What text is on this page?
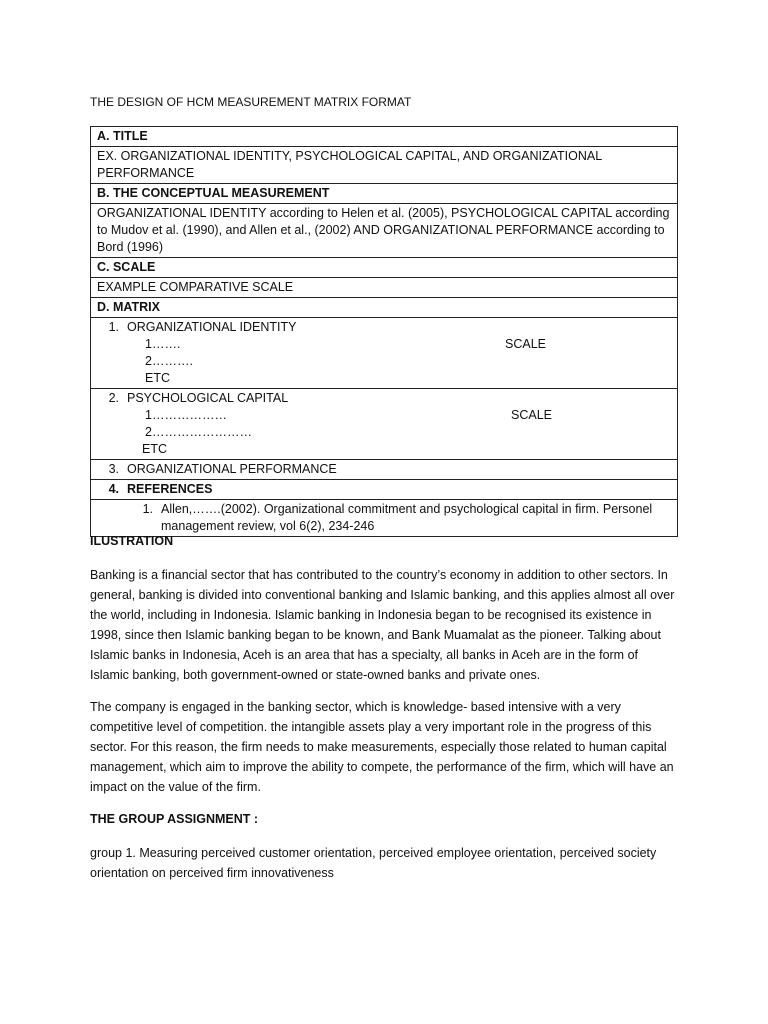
THE DESIGN OF HCM MEASUREMENT MATRIX FORMAT
A. TITLE
EX. ORGANIZATIONAL IDENTITY, PSYCHOLOGICAL CAPITAL, AND ORGANIZATIONAL PERFORMANCE
B. THE CONCEPTUAL MEASUREMENT
ORGANIZATIONAL IDENTITY according to Helen et al. (2005), PSYCHOLOGICAL CAPITAL according to Mudov et al. (1990), and Allen et al., (2002) AND ORGANIZATIONAL PERFORMANCE according to Bord (1996)
C. SCALE
EXAMPLE COMPARATIVE SCALE
D. MATRIX

1. ORGANIZATIONAL IDENTITY
1…….	SCALE
2……….
ETC

2. PSYCHOLOGICAL CAPITAL
1………………	SCALE
2……………………
ETC

3. ORGANIZATIONAL PERFORMANCE

4. REFERENCES

1. Allen,…….(2002). Organizational commitment and psychological capital in firm. Personel management review, vol 6(2), 234-246
ILUSTRATION
Banking is a financial sector that has contributed to the country’s economy in addition to other sectors. In general, banking is divided into conventional banking and Islamic banking, and this applies almost all over the world, including in Indonesia. Islamic banking in Indonesia began to be recognised its existence in 1998, since then Islamic banking began to be known, and Bank Muamalat as the pioneer. Talking about Islamic banks in Indonesia, Aceh is an area that has a specialty, all banks in Aceh are in the form of Islamic banking, both government-owned or state-owned banks and private ones.
The company is engaged in the banking sector, which is knowledge- based intensive with a very competitive level of competition. the intangible assets play a very important role in the progress of this sector. For this reason, the firm needs to make measurements, especially those related to human capital management, which aim to improve the ability to compete, the performance of the firm, which will have an impact on the value of the firm.
THE GROUP ASSIGNMENT :
group 1. Measuring perceived customer orientation, perceived employee orientation, perceived society orientation on perceived firm innovativeness
